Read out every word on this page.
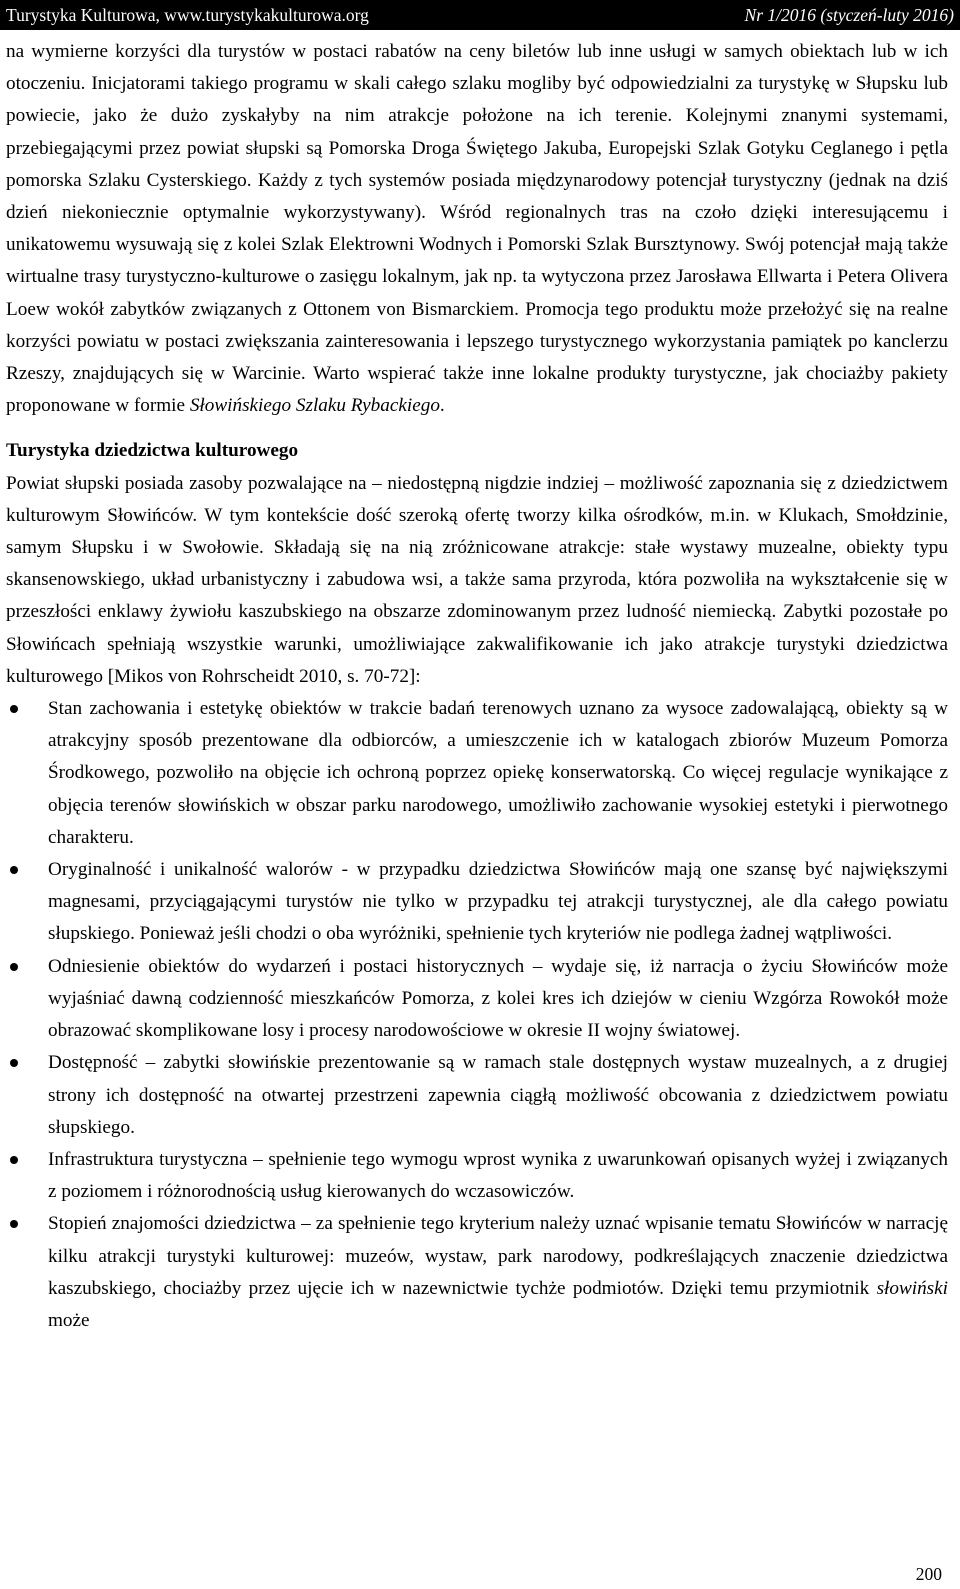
Turystyka Kulturowa, www.turystykakulturowa.org	Nr 1/2016 (styczeń-luty 2016)

na wymierne korzyści dla turystów w postaci rabatów na ceny biletów lub inne usługi w samych obiektach lub w ich otoczeniu. Inicjatorami takiego programu w skali całego szlaku mogliby być odpowiedzialni za turystykę w Słupsku lub powiecie, jako że dużo zyskałyby na nim atrakcje położone na ich terenie. Kolejnymi znanymi systemami, przebiegającymi przez powiat słupski są Pomorska Droga Świętego Jakuba, Europejski Szlak Gotyku Ceglanego i pętla pomorska Szlaku Cysterskiego. Każdy z tych systemów posiada międzynarodowy potencjał turystyczny (jednak na dziś dzień niekoniecznie optymalnie wykorzystywany). Wśród regionalnych tras na czoło dzięki interesującemu i unikatowemu wysuwają się z kolei Szlak Elektrowni Wodnych i Pomorski Szlak Bursztynowy. Swój potencjał mają także wirtualne trasy turystyczno-kulturowe o zasięgu lokalnym, jak np. ta wytyczona przez Jarosława Ellwarta i Petera Olivera Loew wokół zabytków związanych z Ottonem von Bismarckiem. Promocja tego produktu może przełożyć się na realne korzyści powiatu w postaci zwiększania zainteresowania i lepszego turystycznego wykorzystania pamiątek po kanclerzu Rzeszy, znajdujących się w Warcinie. Warto wspierać także inne lokalne produkty turystyczne, jak chociażby pakiety proponowane w formie Słowińskiego Szlaku Rybackiego.

Turystyka dziedzictwa kulturowego

Powiat słupski posiada zasoby pozwalające na – niedostępną nigdzie indziej – możliwość zapoznania się z dziedzictwem kulturowym Słowińców. W tym kontekście dość szeroką ofertę tworzy kilka ośrodków, m.in. w Klukach, Smołdzinie, samym Słupsku i w Swołowie. Składają się na nią zróżnicowane atrakcje: stałe wystawy muzealne, obiekty typu skansenowskiego, układ urbanistyczny i zabudowa wsi, a także sama przyroda, która pozwoliła na wykształcenie się w przeszłości enklawy żywiołu kaszubskiego na obszarze zdominowanym przez ludność niemiecką. Zabytki pozostałe po Słowińcach spełniają wszystkie warunki, umożliwiające zakwalifikowanie ich jako atrakcje turystyki dziedzictwa kulturowego [Mikos von Rohrscheidt 2010, s. 70-72]:

Stan zachowania i estetykę obiektów w trakcie badań terenowych uznano za wysoce zadowalającą, obiekty są w atrakcyjny sposób prezentowane dla odbiorców, a umieszczenie ich w katalogach zbiorów Muzeum Pomorza Środkowego, pozwoliło na objęcie ich ochroną poprzez opiekę konserwatorską. Co więcej regulacje wynikające z objęcia terenów słowińskich w obszar parku narodowego, umożliwiło zachowanie wysokiej estetyki i pierwotnego charakteru.
Oryginalność i unikalność walorów - w przypadku dziedzictwa Słowińców mają one szansę być największymi magnesami, przyciągającymi turystów nie tylko w przypadku tej atrakcji turystycznej, ale dla całego powiatu słupskiego. Ponieważ jeśli chodzi o oba wyróżniki, spełnienie tych kryteriów nie podlega żadnej wątpliwości.
Odniesienie obiektów do wydarzeń i postaci historycznych – wydaje się, iż narracja o życiu Słowińców może wyjaśniać dawną codzienność mieszkańców Pomorza, z kolei kres ich dziejów w cieniu Wzgórza Rowokół może obrazować skomplikowane losy i procesy narodowościowe w okresie II wojny światowej.
Dostępność – zabytki słowińskie prezentowanie są w ramach stale dostępnych wystaw muzealnych, a z drugiej strony ich dostępność na otwartej przestrzeni zapewnia ciągłą możliwość obcowania z dziedzictwem powiatu słupskiego.
Infrastruktura turystyczna – spełnienie tego wymogu wprost wynika z uwarunkowań opisanych wyżej i związanych z poziomem i różnorodnością usług kierowanych do wczasowiczów.
Stopień znajomości dziedzictwa – za spełnienie tego kryterium należy uznać wpisanie tematu Słowińców w narrację kilku atrakcji turystyki kulturowej: muzeów, wystaw, park narodowy, podkreślających znaczenie dziedzictwa kaszubskiego, chociażby przez ujęcie ich w nazewnictwie tychże podmiotów. Dzięki temu przymiotnik słowiński może
200
